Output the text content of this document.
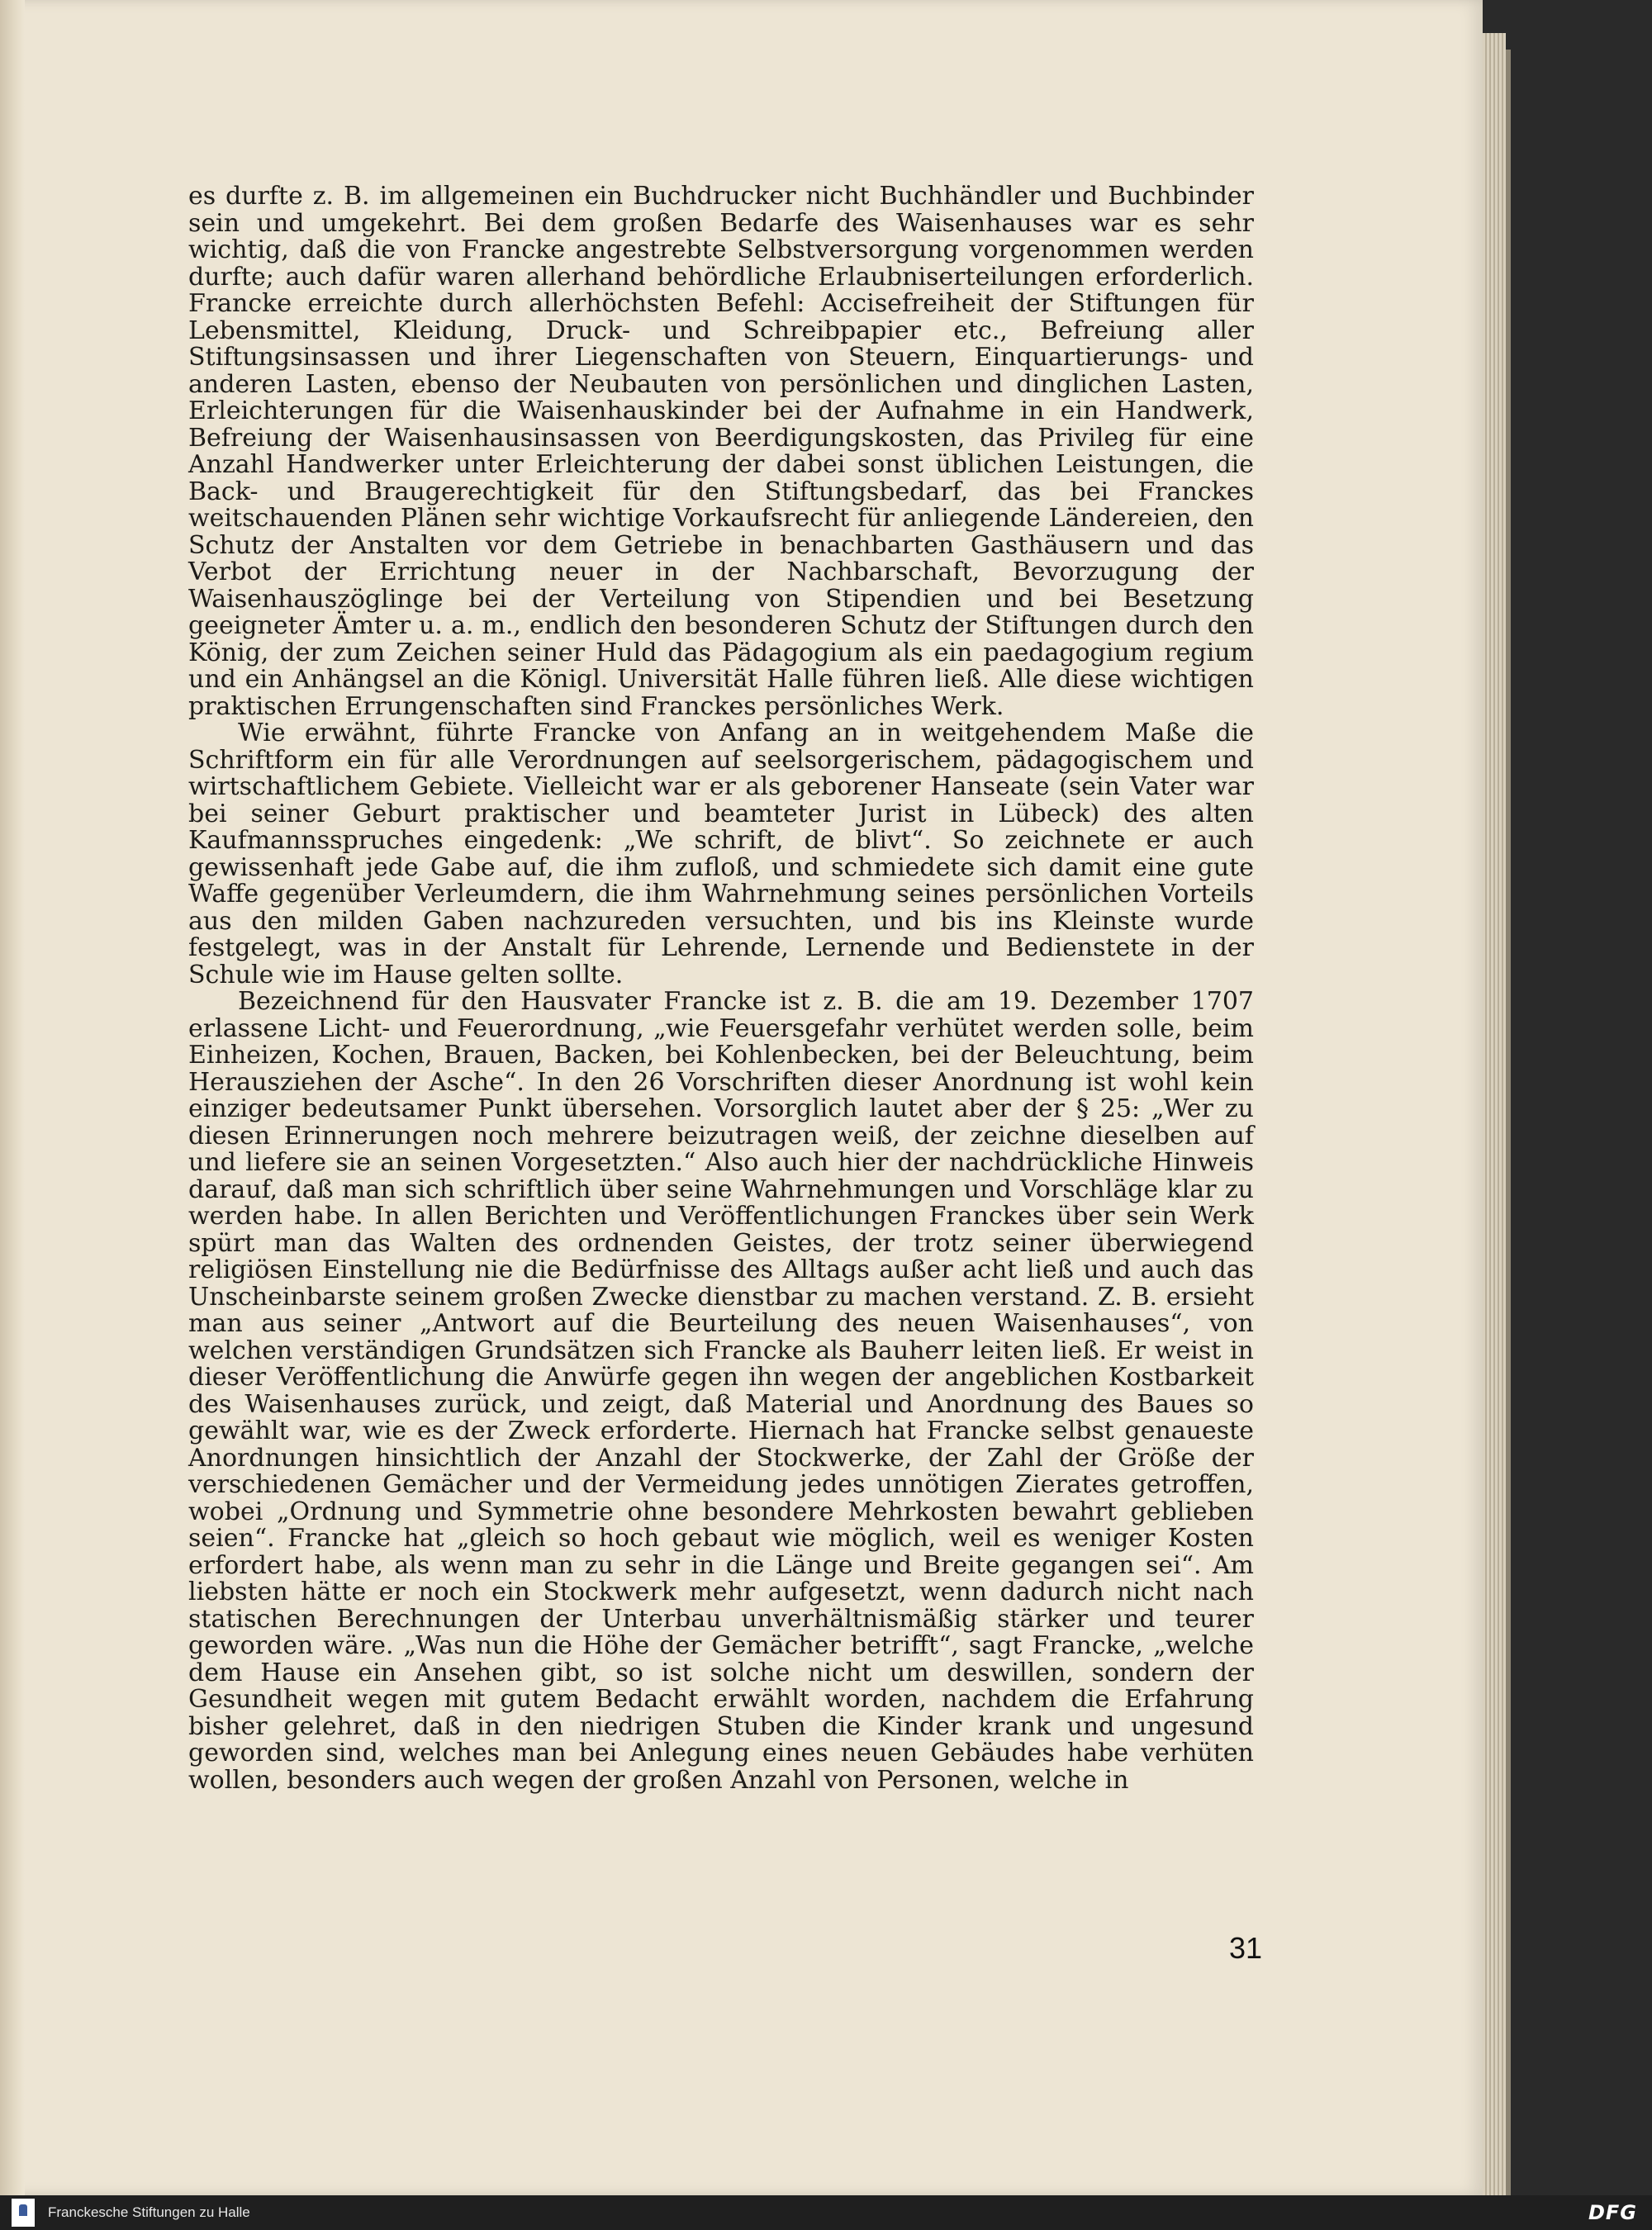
es durfte z. B. im allgemeinen ein Buchdrucker nicht Buchhändler und Buchbinder sein und umgekehrt. Bei dem großen Bedarfe des Waisenhauses war es sehr wichtig, daß die von Francke angestrebte Selbstversorgung vorgenommen werden durfte; auch dafür waren allerhand behördliche Erlaubniserteilungen erforderlich. Francke erreichte durch allerhöchsten Befehl: Accisefreiheit der Stiftungen für Lebensmittel, Kleidung, Druck- und Schreibpapier etc., Befreiung aller Stiftungsinsassen und ihrer Liegenschaften von Steuern, Einquartierungs- und anderen Lasten, ebenso der Neubauten von persönlichen und dinglichen Lasten, Erleichterungen für die Waisenhauskinder bei der Aufnahme in ein Handwerk, Befreiung der Waisenhausinsassen von Beerdigungskosten, das Privileg für eine Anzahl Handwerker unter Erleichterung der dabei sonst üblichen Leistungen, die Back- und Braugerechtigkeit für den Stiftungsbedarf, das bei Franckes weitschauenden Plänen sehr wichtige Vorkaufsrecht für anliegende Ländereien, den Schutz der Anstalten vor dem Getriebe in benachbarten Gasthäusern und das Verbot der Errichtung neuer in der Nachbarschaft, Bevorzugung der Waisenhauszöglinge bei der Verteilung von Stipendien und bei Besetzung geeigneter Ämter u. a. m., endlich den besonderen Schutz der Stiftungen durch den König, der zum Zeichen seiner Huld das Pädagogium als ein paedagogium regium und ein Anhängsel an die Königl. Universität Halle führen ließ. Alle diese wichtigen praktischen Errungenschaften sind Franckes persönliches Werk.

Wie erwähnt, führte Francke von Anfang an in weitgehendem Maße die Schriftform ein für alle Verordnungen auf seelsorgerischem, pädagogischem und wirtschaftlichem Gebiete. Vielleicht war er als geborener Hanseate (sein Vater war bei seiner Geburt praktischer und beamteter Jurist in Lübeck) des alten Kaufmannsspruches eingedenk: „We schrift, de blivt“. So zeichnete er auch gewissenhaft jede Gabe auf, die ihm zufloß, und schmiedete sich damit eine gute Waffe gegenüber Verleumdern, die ihm Wahrnehmung seines persönlichen Vorteils aus den milden Gaben nachzureden versuchten, und bis ins Kleinste wurde festgelegt, was in der Anstalt für Lehrende, Lernende und Bedienstete in der Schule wie im Hause gelten sollte.

Bezeichnend für den Hausvater Francke ist z. B. die am 19. Dezember 1707 erlassene Licht- und Feuerordnung, „wie Feuersgefahr verhütet werden solle, beim Einheizen, Kochen, Brauen, Backen, bei Kohlenbecken, bei der Beleuchtung, beim Herausziehen der Asche“. In den 26 Vorschriften dieser Anordnung ist wohl kein einziger bedeutsamer Punkt übersehen. Vorsorglich lautet aber der § 25: „Wer zu diesen Erinnerungen noch mehrere beizutragen weiß, der zeichne dieselben auf und liefere sie an seinen Vorgesetzten.“ Also auch hier der nachdrückliche Hinweis darauf, daß man sich schriftlich über seine Wahrnehmungen und Vorschläge klar zu werden habe. In allen Berichten und Veröffentlichungen Franckes über sein Werk spürt man das Walten des ordnenden Geistes, der trotz seiner überwiegend religiösen Einstellung nie die Bedürfnisse des Alltags außer acht ließ und auch das Unscheinbarste seinem großen Zwecke dienstbar zu machen verstand. Z. B. ersieht man aus seiner „Antwort auf die Beurteilung des neuen Waisenhauses“, von welchen verständigen Grundsätzen sich Francke als Bauherr leiten ließ. Er weist in dieser Veröffentlichung die Anwürfe gegen ihn wegen der angeblichen Kostbarkeit des Waisenhauses zurück, und zeigt, daß Material und Anordnung des Baues so gewählt war, wie es der Zweck erforderte. Hiernach hat Francke selbst genaueste Anordnungen hinsichtlich der Anzahl der Stockwerke, der Zahl der Größe der verschiedenen Gemächer und der Vermeidung jedes unnötigen Zierates getroffen, wobei „Ordnung und Symmetrie ohne besondere Mehrkosten bewahrt geblieben seien“. Francke hat „gleich so hoch gebaut wie möglich, weil es weniger Kosten erfordert habe, als wenn man zu sehr in die Länge und Breite gegangen sei“. Am liebsten hätte er noch ein Stockwerk mehr aufgesetzt, wenn dadurch nicht nach statischen Berechnungen der Unterbau unverhältnismäßig stärker und teurer geworden wäre. „Was nun die Höhe der Gemächer betrifft“, sagt Francke, „welche dem Hause ein Ansehen gibt, so ist solche nicht um deswillen, sondern der Gesundheit wegen mit gutem Bedacht erwählt worden, nachdem die Erfahrung bisher gelehret, daß in den niedrigen Stuben die Kinder krank und ungesund geworden sind, welches man bei Anlegung eines neuen Gebäudes habe verhüten wollen, besonders auch wegen der großen Anzahl von Personen, welche in

31
Franckesche Stiftungen zu Halle	DFG
